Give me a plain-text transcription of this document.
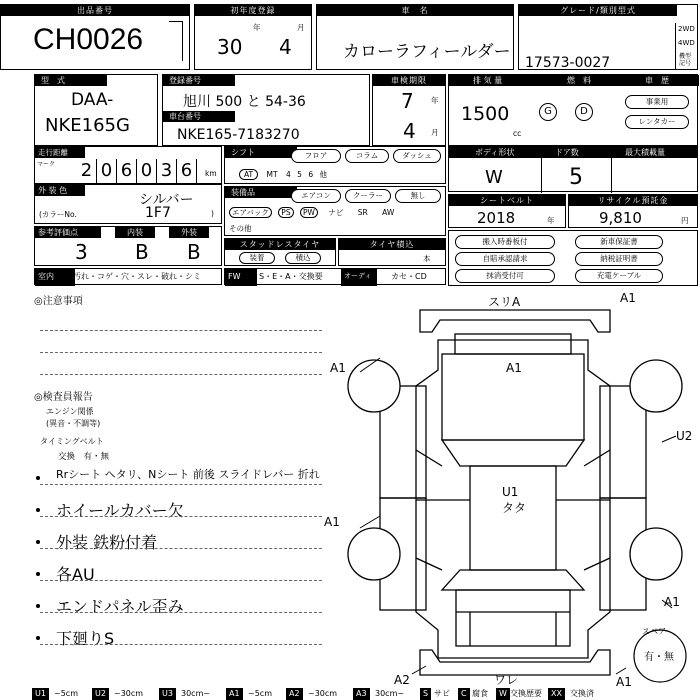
出品番号
CH0026
初年度登録
年	月
30 4
車　名
カローラフィールダー
グレード/類別型式
2WD
4WD
機型
記号
17573-0027
型　式
DAA-
NKE165G
登録番号
旭川 500 と 54-36
車台番号
NKE165-7183270
車検期限
7 年
4 月
排 気 量	燃　料	車　歴
1500
cc
G	D
事業用
レンタカー
走行距離
マーク 2 0 6 0 3 6	km
シフト	フロア	コラム	ダッシュ
AT MT 4 5 6 他
ボディ形状	ドア数	最大積載量
W	5
外 装 色
シルバー
(カラーNo.	1F7	)
装備品	エアコン	クーラー	無し
エアバック PS PW ナビ SR AW
その他
シートベルト
2018	年
リサイクル預託金
9,810	円
参考評価点	内装	外装
3 B B	スタッドレスタイヤ
装着	積込
タイヤ積込
本
搬入時番板付
自賠承認請求
抹消受付可
新車保証書
納税証明書
充電ケーブル
室内	汚れ・コゲ・穴・スレ・破れ・シミ	FW	S・E・A・交換要	オーディオ
カセ・CD
◎注意事項
◎検査員報告
エンジン関係
(異音・不調等)
タイミングベルト
交換　有・無
Rrシート ヘタリ、Nシート 前後 スライドレバー 折れ
ホイールカバー欠
外装 鉄粉付着
各AU
エンドパネル歪み
下廻りS
スリA	A1
A1
A1
U2
U1
タタ
A1
A1
A2	ワレ	A1
スペア
有・無
U1	~5cm	U2	~30cm	U3	30cm~	A1	~5cm	A2	~30cm	A3	30cm~	S サビ	C 腐食	W 交換歴要	XX	交換済
